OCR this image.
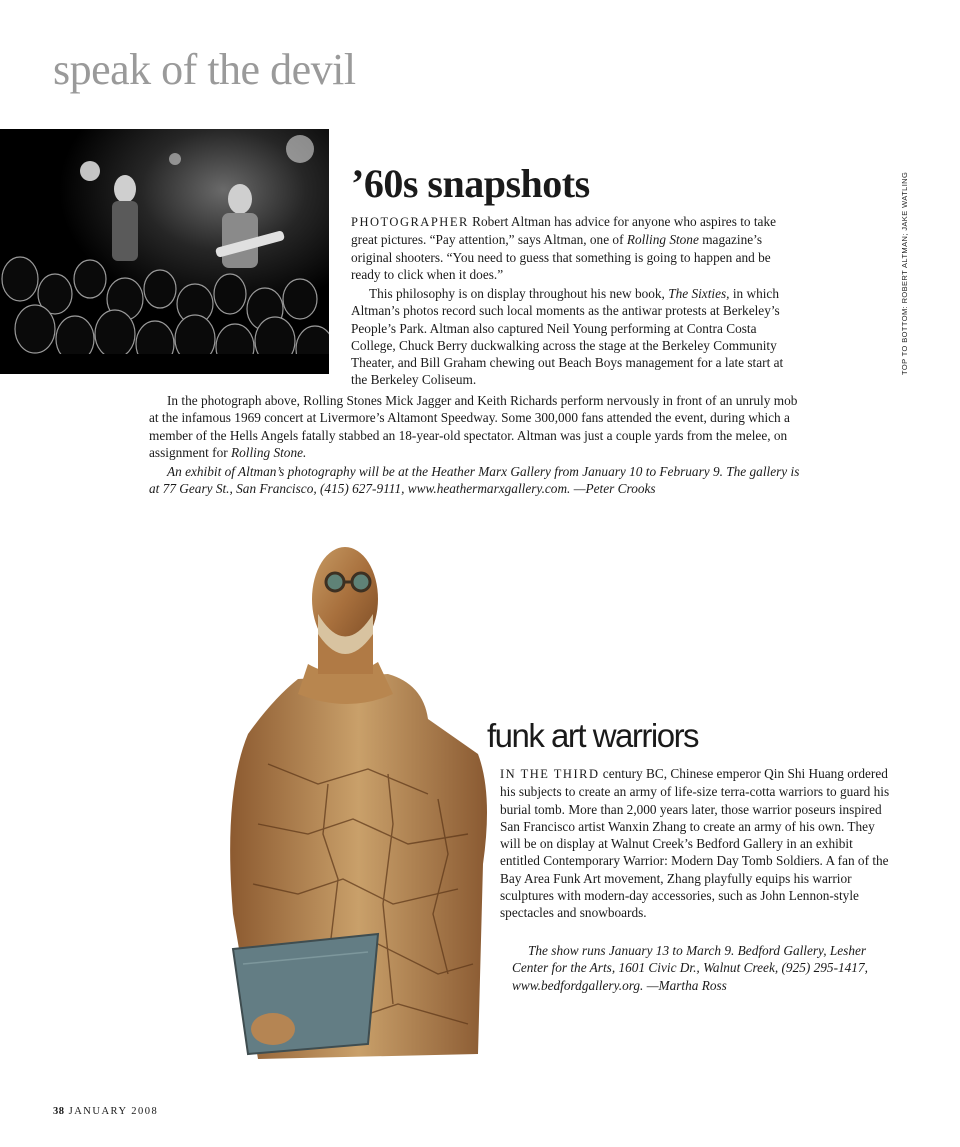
speak of the devil
TOP TO BOTTOM: ROBERT ALTMAN; JAKE WATLING
’60s snapshots

PHOTOGRAPHER Robert Altman has advice for anyone who aspires to take great pictures. “Pay attention,” says Altman, one of Rolling Stone magazine’s original shooters. “You need to guess that something is going to happen and be ready to click when it does.”

This philosophy is on display throughout his new book, The Sixties, in which Altman’s photos record such local moments as the antiwar protests at Berkeley’s People’s Park. Altman also captured Neil Young performing at Contra Costa College, Chuck Berry duckwalking across the stage at the Berkeley Community Theater, and Bill Graham chewing out Beach Boys management for a late start at the Berkeley Coliseum.

In the photograph above, Rolling Stones Mick Jagger and Keith Richards perform nervously in front of an unruly mob at the infamous 1969 concert at Livermore’s Altamont Speedway. Some 300,000 fans attended the event, during which a member of the Hells Angels fatally stabbed an 18-year-old spectator. Altman was just a couple yards from the melee, on assignment for Rolling Stone.

An exhibit of Altman’s photography will be at the Heather Marx Gallery from January 10 to February 9. The gallery is at 77 Geary St., San Francisco, (415) 627-9111, www.heathermarxgallery.com. —Peter Crooks

funk art warriors

IN THE THIRD century BC, Chinese emperor Qin Shi Huang ordered his subjects to create an army of life-size terra-cotta warriors to guard his burial tomb. More than 2,000 years later, those warrior poseurs inspired San Francisco artist Wanxin Zhang to create an army of his own. They will be on display at Walnut Creek’s Bedford Gallery in an exhibit entitled Contemporary Warrior: Modern Day Tomb Soldiers. A fan of the Bay Area Funk Art movement, Zhang playfully equips his warrior sculptures with modern-day accessories, such as John Lennon-style spectacles and snowboards.

The show runs January 13 to March 9. Bedford Gallery, Lesher Center for the Arts, 1601 Civic Dr., Walnut Creek, (925) 295-1417, www.bedfordgallery.org. —Martha Ross

38 JANUARY 2008
